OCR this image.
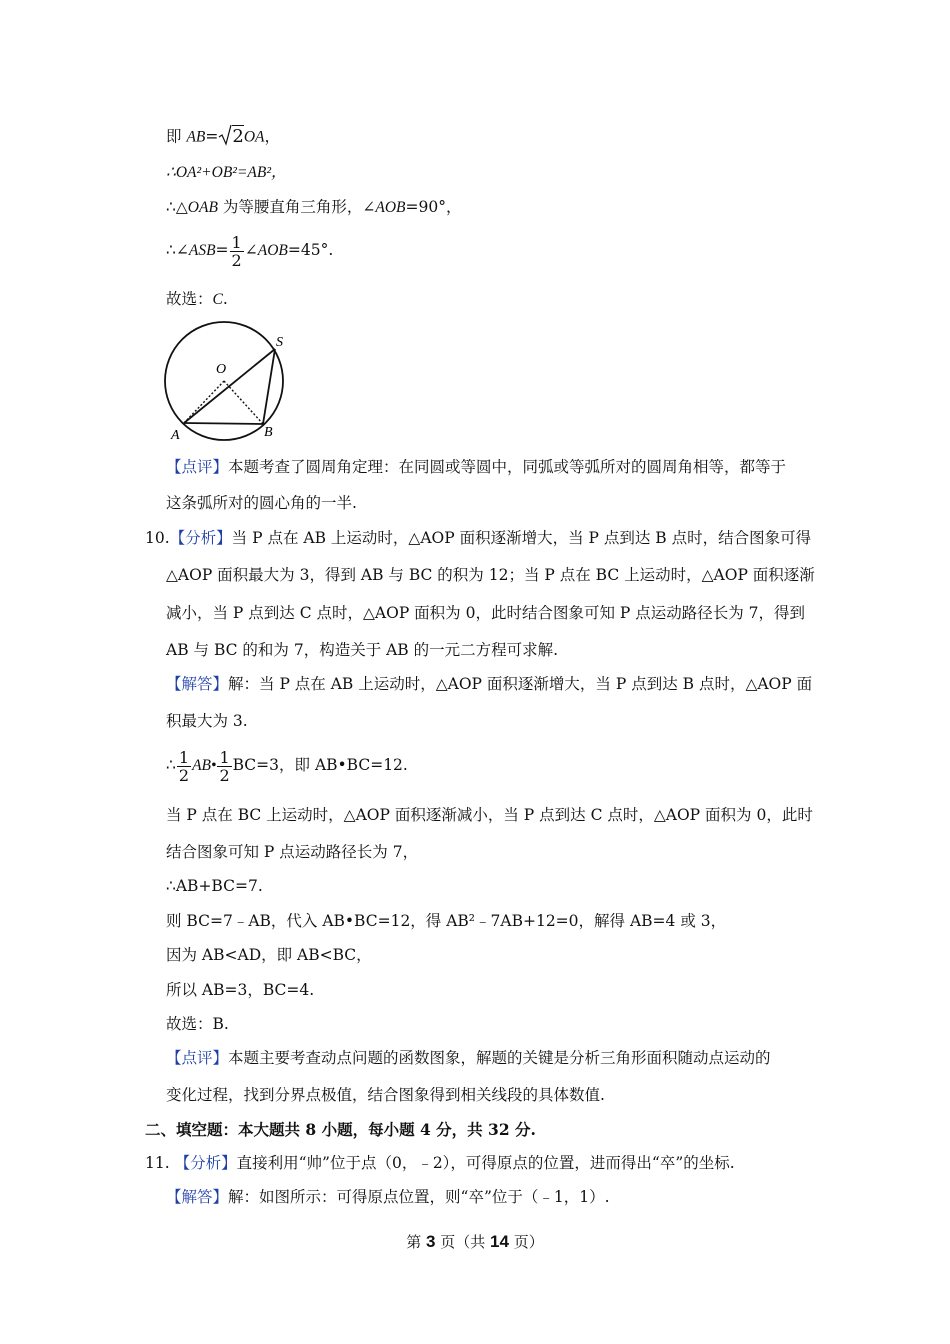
即 AB= 2OA，
∴OA²+OB²=AB²，
∴△OAB 为等腰直角三角形，∠AOB=90°，
∴∠ASB= $\frac{1}{2}$ ∠AOB=45°.
故选：C.
S
O
A	B
【点评】本题考查了圆周角定理：在同圆或等圆中，同弧或等弧所对的圆周角相等，都等于
这条弧所对的圆心角的一半.
10.【分析】当 P 点在 AB 上运动时，△AOP 面积逐渐增大，当 P 点到达 B 点时，结合图象可得
△AOP 面积最大为 3，得到 AB 与 BC 的积为 12；当 P 点在 BC 上运动时，△AOP 面积逐渐
减小，当 P 点到达 C 点时，△AOP 面积为 0，此时结合图象可知 P 点运动路径长为 7，得到
AB 与 BC 的和为 7，构造关于 AB 的一元二方程可求解.
【解答】解：当 P 点在 AB 上运动时，△AOP 面积逐渐增大，当 P 点到达 B 点时，△AOP 面
积最大为 3.
∴ $\frac{1}{2}$ AB• $\frac{1}{2} BC=3$，即 AB•BC=12.
当 P 点在 BC 上运动时，△AOP 面积逐渐减小，当 P 点到达 C 点时，△AOP 面积为 0，此时
结合图象可知 P 点运动路径长为 7，
∴AB+BC=7.
则 BC=7﹣AB，代入 AB•BC=12，得 AB²﹣7AB+12=0，解得 AB=4 或 3，
因为 AB<AD，即 AB<BC，
所以 AB=3，BC=4.
故选：B.
【点评】本题主要考查动点问题的函数图象，解题的关键是分析三角形面积随动点运动的
变化过程，找到分界点极值，结合图象得到相关线段的具体数值.
二、填空题：本大题共 8 小题，每小题 4 分，共 32 分.
11. 【分析】直接利用“帅”位于点（0，﹣2），可得原点的位置，进而得出“卒”的坐标.
【解答】解：如图所示：可得原点位置，则“卒”位于（﹣1，1）.
第 3 页（共 14 页）
